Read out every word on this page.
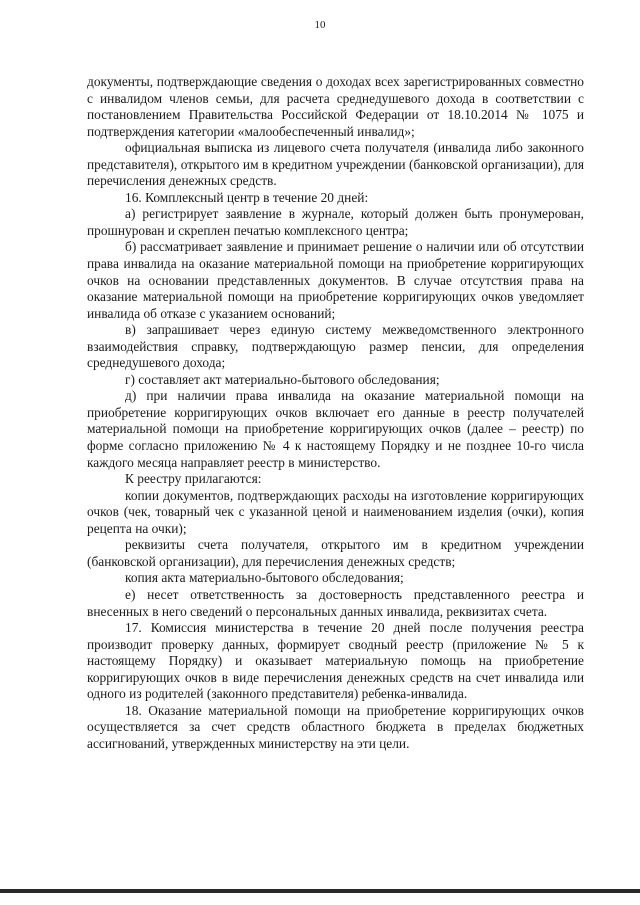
10

документы, подтверждающие сведения о доходах всех зарегистрированных совместно с инвалидом членов семьи, для расчета среднедушевого дохода в соответствии с постановлением Правительства Российской Федерации от 18.10.2014 № 1075 и подтверждения категории «малообеспеченный инвалид»;

официальная выписка из лицевого счета получателя (инвалида либо законного представителя), открытого им в кредитном учреждении (банковской организации), для перечисления денежных средств.

16. Комплексный центр в течение 20 дней:

а) регистрирует заявление в журнале, который должен быть пронумерован, прошнурован и скреплен печатью комплексного центра;

б) рассматривает заявление и принимает решение о наличии или об отсутствии права инвалида на оказание материальной помощи на приобретение корригирующих очков на основании представленных документов. В случае отсутствия права на оказание материальной помощи на приобретение корригирующих очков уведомляет инвалида об отказе с указанием оснований;

в) запрашивает через единую систему межведомственного электронного взаимодействия справку, подтверждающую размер пенсии, для определения среднедушевого дохода;

г) составляет акт материально-бытового обследования;

д) при наличии права инвалида на оказание материальной помощи на приобретение корригирующих очков включает его данные в реестр получателей материальной помощи на приобретение корригирующих очков (далее – реестр) по форме согласно приложению № 4 к настоящему Порядку и не позднее 10-го числа каждого месяца направляет реестр в министерство.

К реестру прилагаются:

копии документов, подтверждающих расходы на изготовление корригирующих очков (чек, товарный чек с указанной ценой и наименованием изделия (очки), копия рецепта на очки);

реквизиты счета получателя, открытого им в кредитном учреждении (банковской организации), для перечисления денежных средств;

копия акта материально-бытового обследования;

е) несет ответственность за достоверность представленного реестра и внесенных в него сведений о персональных данных инвалида, реквизитах счета.

17. Комиссия министерства в течение 20 дней после получения реестра производит проверку данных, формирует сводный реестр (приложение № 5 к настоящему Порядку) и оказывает материальную помощь на приобретение корригирующих очков в виде перечисления денежных средств на счет инвалида или одного из родителей (законного представителя) ребенка-инвалида.

18. Оказание материальной помощи на приобретение корригирующих очков осуществляется за счет средств областного бюджета в пределах бюджетных ассигнований, утвержденных министерству на эти цели.
